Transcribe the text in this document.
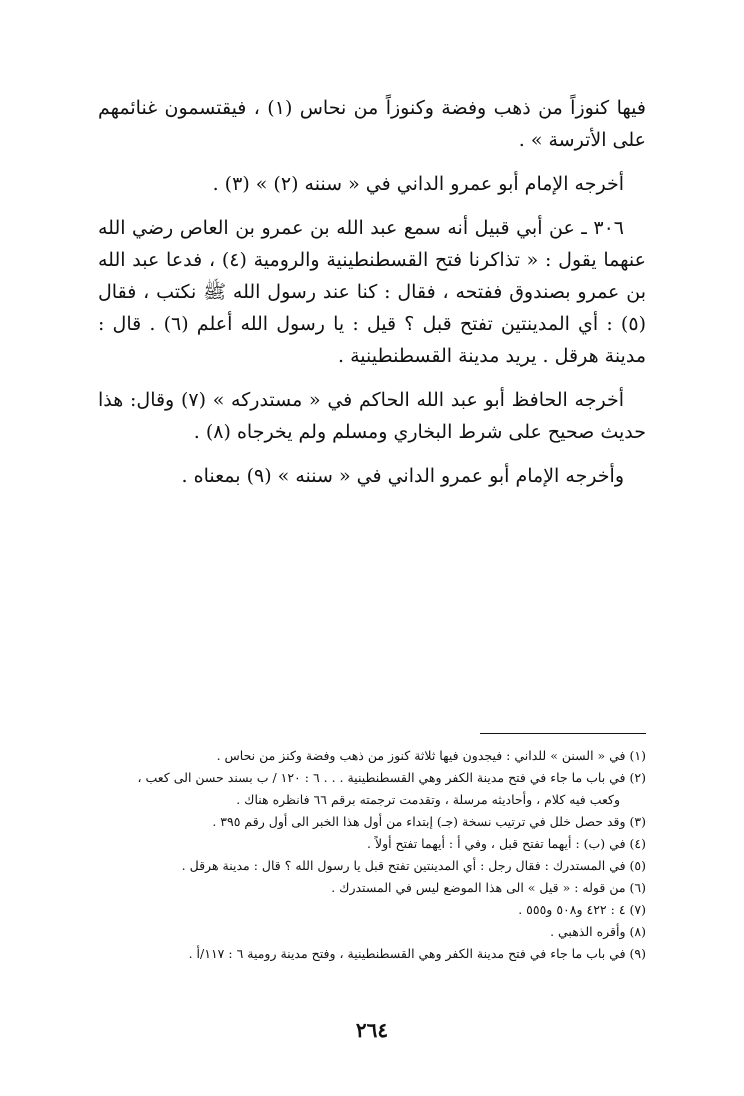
فيها كنوزاً من ذهب وفضة وكنوزاً من نحاس (١) ، فيقتسمون غنائمهم على الأترسة » .

أخرجه الإمام أبو عمرو الداني في « سننه (٢) » (٣) .

٣٠٦ ـ عن أبي قبيل أنه سمع عبد الله بن عمرو بن العاص رضي الله عنهما يقول : « تذاكرنا فتح القسطنطينية والرومية (٤) ، فدعا عبد الله بن عمرو بصندوق ففتحه ، فقال : كنا عند رسول الله ﷺ نكتب ، فقال (٥) : أي المدينتين تفتح قبل ؟ قيل : يا رسول الله أعلم (٦) . قال : مدينة هرقل . يريد مدينة القسطنطينية .

أخرجه الحافظ أبو عبد الله الحاكم في « مستدركه » (٧) وقال: هذا حديث صحيح على شرط البخاري ومسلم ولم يخرجاه (٨) .

وأخرجه الإمام أبو عمرو الداني في « سننه » (٩) بمعناه .

(١) في « السنن » للداني : فيجدون فيها ثلاثة كنوز من ذهب وفضة وكنز من نحاس .

(٢) في باب ما جاء في فتح مدينة الكفر وهي القسطنطينية . . . ٦ : ١٢٠ / ب بسند حسن الى كعب ،

وكعب فيه كلام ، وأحاديثه مرسلة ، وتقدمت ترجمته برقم ٦٦ فانظره هناك .

(٣) وقد حصل خلل في ترتيب نسخة (جـ) إبتداء من أول هذا الخبر الى أول رقم ٣٩٥ .

(٤) في (ب) : أيهما تفتح قبل ، وفي أ : أيهما تفتح أولاً .

(٥) في المستدرك : فقال رجل : أي المدينتين تفتح قبل يا رسول الله ؟ قال : مدينة هرقل .

(٦) من قوله : « قيل » الى هذا الموضع ليس في المستدرك .

(٧) ٤ : ٤٢٢ و٥٠٨ و٥٥٥ .

(٨) وأقره الذهبي .

(٩) في باب ما جاء في فتح مدينة الكفر وهي القسطنطينية ، وفتح مدينة رومية ٦ : ١١٧/أ .

٢٦٤
